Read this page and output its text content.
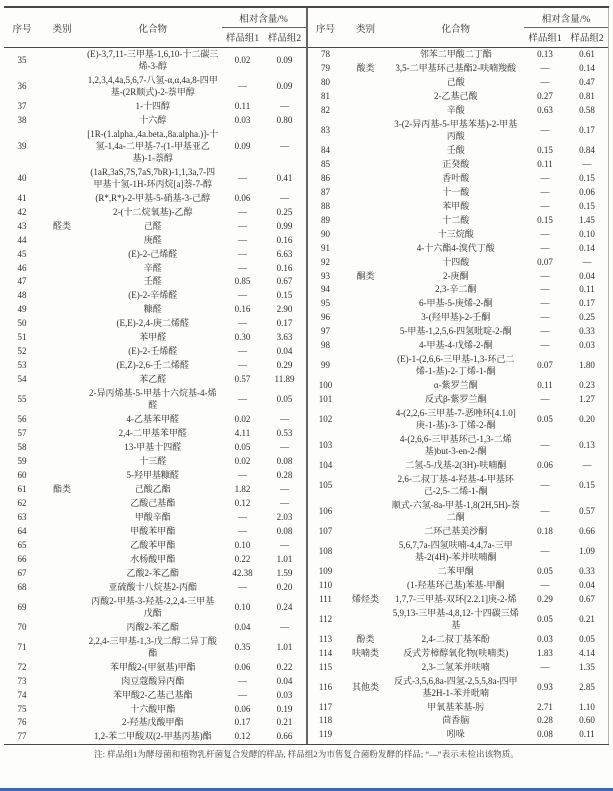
序号	类别	化合物
相对含量/%
样品组1 样品组2
35
(E)-3,7,11-三甲基-1,6,10-十二碳三烯-3-醇
0.02	0.09
36
1,2,3,4,4a,5,6,7-八氢-α,α,4a,8-四甲基-(2R顺式)-2-萘甲醇
—	0.09
37	1-十四醇	0.11	—
38	十六醇	0.03	0.80
39
[1R-(1.alpha.,4a.beta.,8a.alpha.)]-十氢-1,4a-二甲基-7-(1-甲基亚乙基)-1-萘醇
0.09	—
40
(1aR,3aS,7S,7aS,7bR)-1,1,3a,7-四甲基十氢-1H-环丙烷[a]萘-7-醇
—	0.41
41	(R*,R*)-2-甲基-5-硝基-3-己醇	0.06	—
42	2-(十二烷氧基)-乙醇	—	0.25
43	醛类	己醛	—	0.99
44	庚醛	—	0.16
45	(E)-2-己烯醛	—	6.63
46	辛醛	—	0.16
47	壬醛	0.85	0.67
48	(E)-2-辛烯醛	—	0.15
49	糠醛	0.16	2.90
50	(E,E)-2,4-庚二烯醛	—	0.17
51	苯甲醛	0.30	3.63
52	(E)-2-壬烯醛	—	0.04
53	(E,Z)-2,6-壬二烯醛	—	0.29
54	苯乙醛	0.57	11.89
55
2-异丙烯基-5-甲基十六烷基-4-烯醛
—	0.05
56	4-乙基苯甲醛	0.02	—
57	2,4-二甲基苯甲醛	4.11	0.53
58	13-甲基十四醛	0.05	—
59	十三醛	0.02	0.08
60	5-羟甲基糠醛	—	0.28
61	酯类	己酸乙酯	1.82	—
62	乙酸己基酯	0.12	—
63	甲酸辛酯	—	2.03
64	甲酸苯甲酯	—	0.08
65	乙酸苯甲酯	0.10	—
66	水杨酸甲酯	0.22	1.01
67	乙酸2-苯乙酯	42.38	1.59
68	亚硫酸十八烷基2-丙酯	—	0.20
69
丙酸2-甲基-3-羟基-2,2,4-三甲基戊酯
0.10	0.24
70	丙酸2-苯乙酯	0.04	—
71
2,2,4-三甲基-1,3-戊二醇二异丁酸酯
0.35	1.01
72	苯甲酸2-(甲氨基)甲酯	0.06	0.22
73	肉豆蔻酸异丙酯	—	0.04
74	苯甲酸2-乙基己基酯	—	0.03
75	十六酸甲酯	0.06	0.19
76	2-羟基戊酸甲酯	0.17	0.21
77	1,2-苯二甲酸双(2-甲基丙基)酯	0.12	0.66
序号	类别	化合物
相对含量/%
样品组1 样品组2
78	邻苯二甲酸二丁酯	0.13	0.61
79	酸类	3,5-二甲基环己基酯2-呋喃羧酸	—	0.14
80	己酸	—	0.47
81	2-乙基己酸	0.27	0.81
82	辛酸	0.63	0.58
83
3-(2-异丙基-5-甲基苯基)-2-甲基丙酸
—	0.17
84	壬酸	0.15	0.84
85	正癸酸	0.11	—
86	香叶酸	—	0.15
87	十一酸	—	0.06
88	苯甲酸	—	0.15
89	十二酸	0.15	1.45
90	十三烷酸	—	0.10
91	4-十六酯4-溴代丁酸	—	0.14
92	十四酸	0.07	—
93	酮类	2-庚酮	—	0.04
94	2,3-辛二酮	—	0.11
95	6-甲基-5-庚烯-2-酮	—	0.17
96	3-(羟甲基)-2-壬酮	—	0.25
97	5-甲基-1,2,5,6-四氢吡啶-2-酮	—	0.33
98	4-甲基-4-戊烯-2-酮	—	0.03
99
(E)-1-(2,6,6-三甲基-1,3-环己二烯-1-基)-2-丁烯-1-酮
0.07	1.80
100	α-紫罗兰酮	0.11	0.23
101	反式β-紫罗兰酮	—	1.27
102
4-(2,2,6-三甲基-7-恶唑环[4.1.0]庚-1-基)-3-丁烯-2-酮
0.05	0.20
103
4-(2,6,6-三甲基环己-1,3-二烯基)but-3-en-2-酮
—	0.13
104	二氢-5-戊基-2(3H)-呋喃酮	0.06	—
105
2,6-二叔丁基-4-羟基-4-甲基环己-2,5-二烯-1-酮
—	0.15
106
顺式-六氢-8a-甲基-1,8(2H,5H)-萘二酮
—	0.57
107	二环己基美沙酮	0.18	0.66
108
5,6,7,7a-四氢呋喃-4,4,7a-三甲基-2(4H)-苯并呋喃酮
—	1.09
109	二苯甲酮	0.05	0.33
110	(1-羟基环己基)苯基-甲酮	—	0.04
111	烯烃类	1,7,7-三甲基-双环[2.2.1]庚-2-烯	0.29	0.67
112
5,9,13-三甲基-4,8,12-十四碳三烯基
0.05	0.21
113	酚类	2,4-二叔丁基苯酚	0.03	0.05
114	呋喃类	反式芳樟醇氧化物(呋喃类)	1.83	4.14
115	2,3-二氢苯并呋喃	—	1.35
116	其他类
反式-3,5,6,8a-四氢-2,5,5,8a-四甲基2H-1-苯并吡喃
0.93	2.85
117	甲氧基苯基-肟	2.71	1.10
118	茴香脑	0.28	0.60
119	吲哚	0.08	0.11
注: 样品组1为酵母菌和植物乳杆菌复合发酵的样品, 样品组2为市售复合菌粉发酵的样品; “—”表示未检出该物质。
